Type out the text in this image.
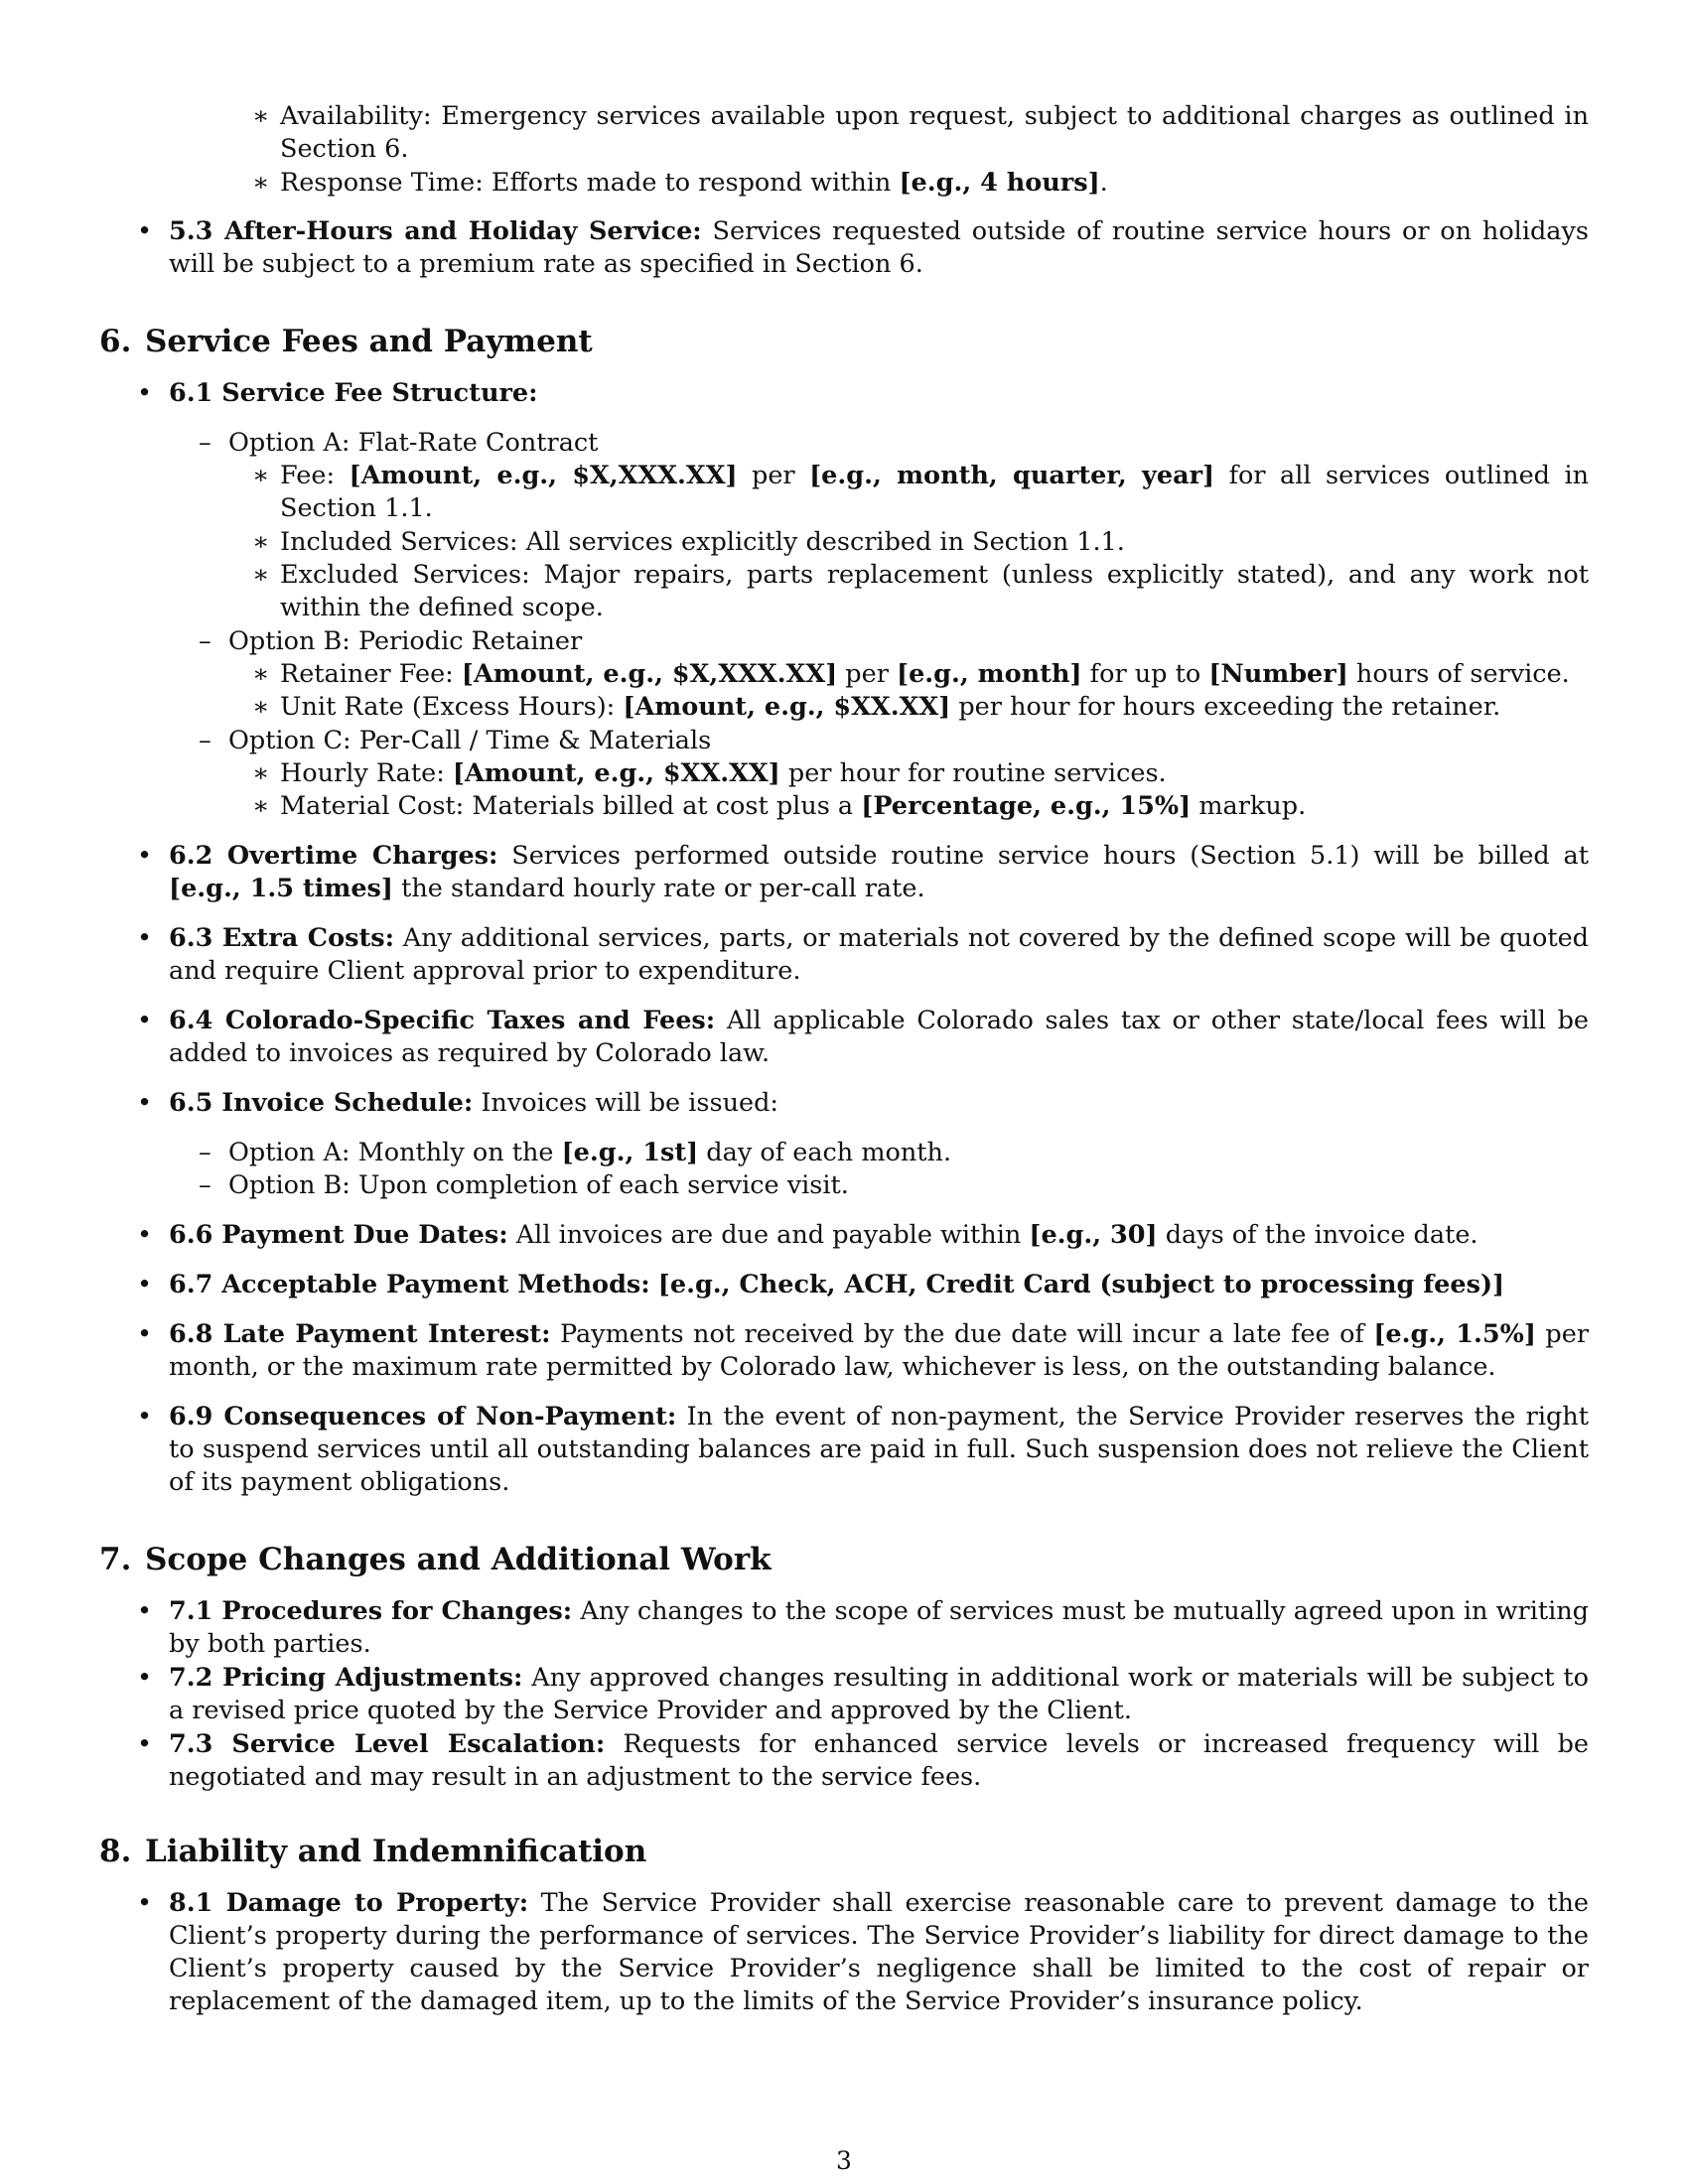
∗ Availability: Emergency services available upon request, subject to additional charges as outlined in Section 6.

∗ Response Time: Efforts made to respond within [e.g., 4 hours].

• 5.3 After-Hours and Holiday Service: Services requested outside of routine service hours or on holidays will be subject to a premium rate as specified in Section 6.

6. Service Fees and Payment
• 6.1 Service Fee Structure:

– Option A: Flat-Rate Contract

∗ Fee: [Amount, e.g., $X,XXX.XX] per [e.g., month, quarter, year] for all services outlined in Section 1.1.

∗ Included Services: All services explicitly described in Section 1.1.

∗ Excluded Services: Major repairs, parts replacement (unless explicitly stated), and any work not within the defined scope.

– Option B: Periodic Retainer

∗ Retainer Fee: [Amount, e.g., $X,XXX.XX] per [e.g., month] for up to [Number] hours of service.

∗ Unit Rate (Excess Hours): [Amount, e.g., $XX.XX] per hour for hours exceeding the retainer.

– Option C: Per-Call / Time & Materials

∗ Hourly Rate: [Amount, e.g., $XX.XX] per hour for routine services.

∗ Material Cost: Materials billed at cost plus a [Percentage, e.g., 15%] markup.

• 6.2 Overtime Charges: Services performed outside routine service hours (Section 5.1) will be billed at [e.g., 1.5 times] the standard hourly rate or per-call rate.

• 6.3 Extra Costs: Any additional services, parts, or materials not covered by the defined scope will be quoted and require Client approval prior to expenditure.

• 6.4 Colorado-Specific Taxes and Fees: All applicable Colorado sales tax or other state/local fees will be added to invoices as required by Colorado law.

• 6.5 Invoice Schedule: Invoices will be issued:

– Option A: Monthly on the [e.g., 1st] day of each month.

– Option B: Upon completion of each service visit.

• 6.6 Payment Due Dates: All invoices are due and payable within [e.g., 30] days of the invoice date.

• 6.7 Acceptable Payment Methods: [e.g., Check, ACH, Credit Card (subject to processing fees)]

• 6.8 Late Payment Interest: Payments not received by the due date will incur a late fee of [e.g., 1.5%] per month, or the maximum rate permitted by Colorado law, whichever is less, on the outstanding balance.

• 6.9 Consequences of Non-Payment: In the event of non-payment, the Service Provider reserves the right to suspend services until all outstanding balances are paid in full. Such suspension does not relieve the Client of its payment obligations.

7. Scope Changes and Additional Work
• 7.1 Procedures for Changes: Any changes to the scope of services must be mutually agreed upon in writing by both parties.

• 7.2 Pricing Adjustments: Any approved changes resulting in additional work or materials will be subject to a revised price quoted by the Service Provider and approved by the Client.

• 7.3 Service Level Escalation: Requests for enhanced service levels or increased frequency will be negotiated and may result in an adjustment to the service fees.

8. Liability and Indemnification
• 8.1 Damage to Property: The Service Provider shall exercise reasonable care to prevent damage to the Client’s property during the performance of services. The Service Provider’s liability for direct damage to the Client’s property caused by the Service Provider’s negligence shall be limited to the cost of repair or replacement of the damaged item, up to the limits of the Service Provider’s insurance policy.

3
